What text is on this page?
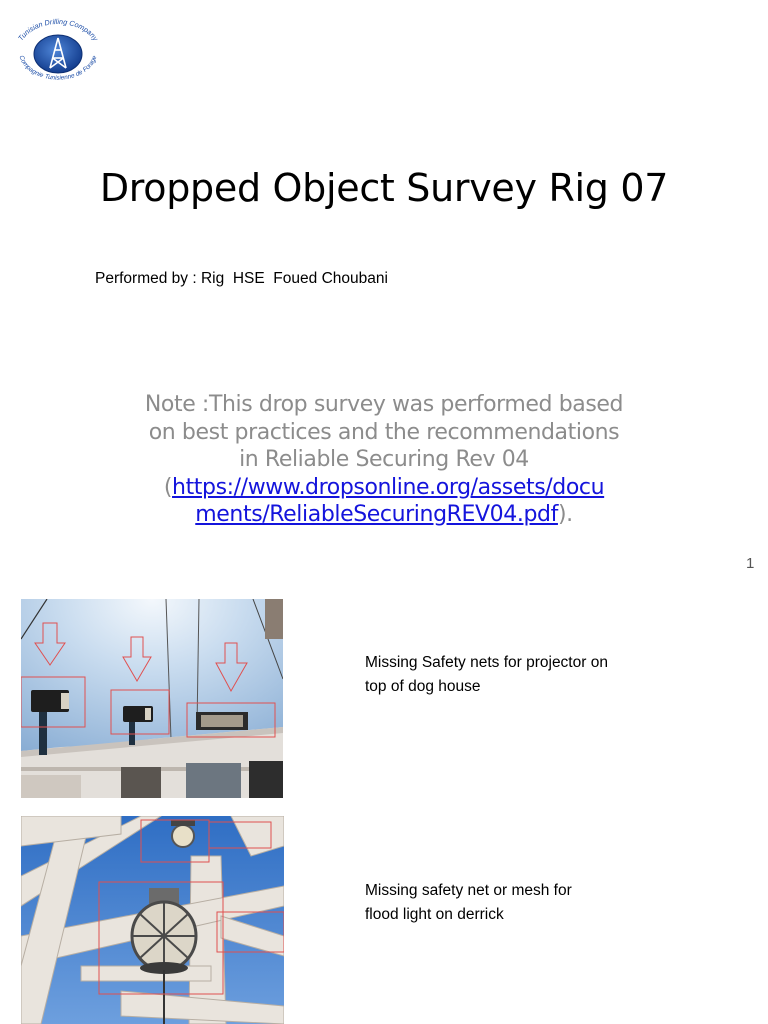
Tunisian Drilling Company
Compagnie Tunisienne de Forage
Dropped Object Survey Rig 07
Performed by : Rig  HSE  Foued Choubani
Note :This drop survey was performed based
on best practices and the recommendations
in Reliable Securing Rev 04
(https://www.dropsonline.org/assets/docu
ments/ReliableSecuringREV04.pdf).
1
Missing Safety nets for projector on
top of dog house
Missing safety net or mesh for
flood light on derrick
